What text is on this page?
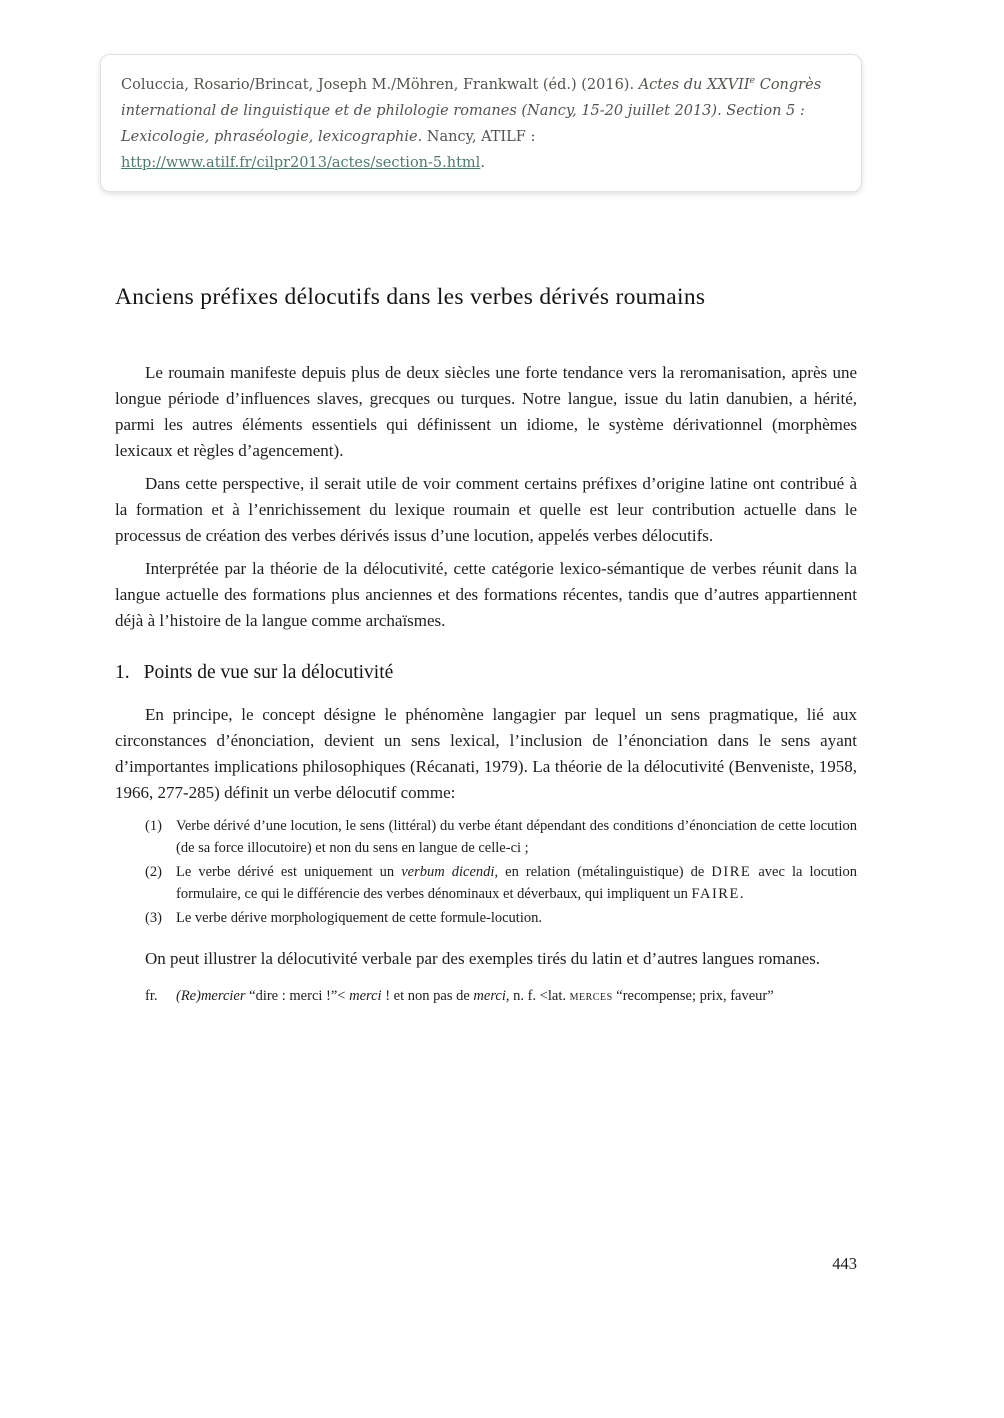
Coluccia, Rosario/Brincat, Joseph M./Möhren, Frankwalt (éd.) (2016). Actes du XXVIIe Congrès international de linguistique et de philologie romanes (Nancy, 15-20 juillet 2013). Section 5 : Lexicologie, phraséologie, lexicographie. Nancy, ATILF : http://www.atilf.fr/cilpr2013/actes/section-5.html.

Anciens préfixes délocutifs dans les verbes dérivés roumains

Le roumain manifeste depuis plus de deux siècles une forte tendance vers la reromanisation, après une longue période d’influences slaves, grecques ou turques. Notre langue, issue du latin danubien, a hérité, parmi les autres éléments essentiels qui définissent un idiome, le système dérivationnel (morphèmes lexicaux et règles d’agencement).

Dans cette perspective, il serait utile de voir comment certains préfixes d’origine latine ont contribué à la formation et à l’enrichissement du lexique roumain et quelle est leur contribution actuelle dans le processus de création des verbes dérivés issus d’une locution, appelés verbes délocutifs.

Interprétée par la théorie de la délocutivité, cette catégorie lexico-sémantique de verbes réunit dans la langue actuelle des formations plus anciennes et des formations récentes, tandis que d’autres appartiennent déjà à l’histoire de la langue comme archaïsmes.

1. Points de vue sur la délocutivité

En principe, le concept désigne le phénomène langagier par lequel un sens pragmatique, lié aux circonstances d’énonciation, devient un sens lexical, l’inclusion de l’énonciation dans le sens ayant d’importantes implications philosophiques (Récanati, 1979). La théorie de la délocutivité (Benveniste, 1958, 1966, 277-285) définit un verbe délocutif comme:

(1) Verbe dérivé d’une locution, le sens (littéral) du verbe étant dépendant des conditions d’énonciation de cette locution (de sa force illocutoire) et non du sens en langue de celle-ci ;
(2) Le verbe dérivé est uniquement un verbum dicendi, en relation (métalinguistique) de DIRE avec la locution formulaire, ce qui le différencie des verbes dénominaux et déverbaux, qui impliquent un FAIRE.
(3) Le verbe dérive morphologiquement de cette formule-locution.

On peut illustrer la délocutivité verbale par des exemples tirés du latin et d’autres langues romanes.

fr. (Re)mercier “dire : merci !”< merci ! et non pas de merci, n. f. <lat. merces “recompense; prix, faveur”
443
